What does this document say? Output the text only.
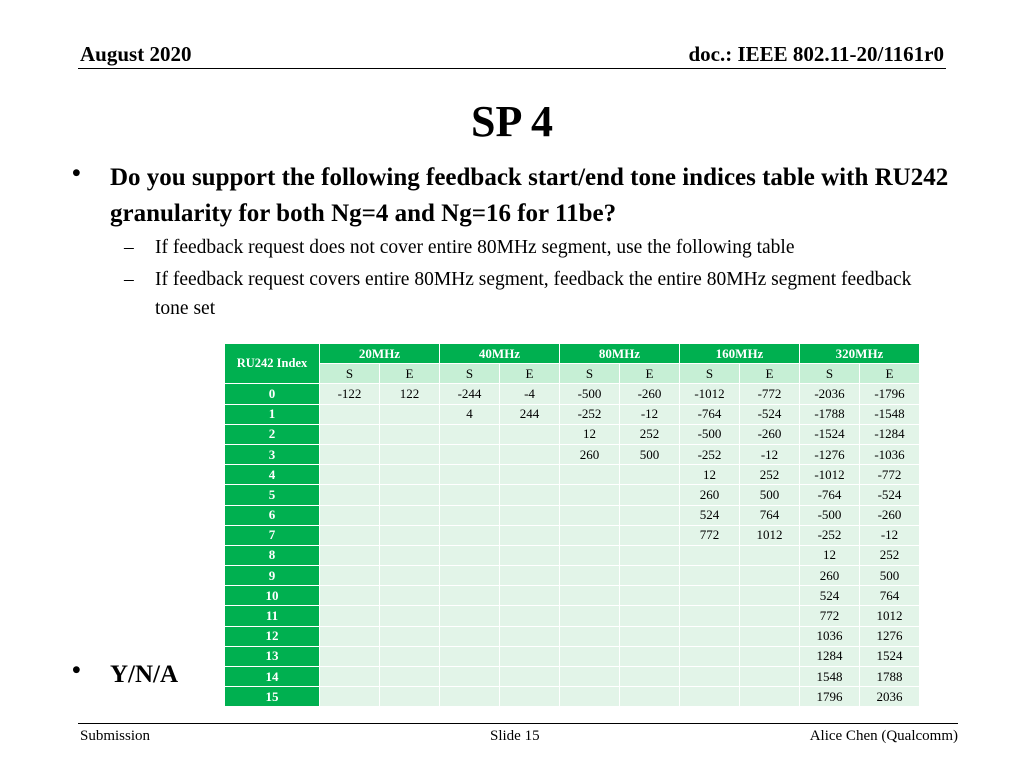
August 2020	doc.: IEEE 802.11-20/1161r0
SP 4
• Do you support the following feedback start/end tone indices table with RU242 granularity for both Ng=4 and Ng=16 for 11be?
– If feedback request does not cover entire 80MHz segment, use the following table
– If feedback request covers entire 80MHz segment, feedback the entire 80MHz segment feedback tone set
RU242 Index	20MHz		40MHz		80MHz		160MHz		320MHz	
	S	E	S	E	S	E	S	E	S	E
0	-122	122	-244	-4	-500	-260	-1012	-772	-2036	-1796
1			4	244	-252	-12	-764	-524	-1788	-1548
2					12	252	-500	-260	-1524	-1284
3					260	500	-252	-12	-1276	-1036
4							12	252	-1012	-772
5							260	500	-764	-524
6							524	764	-500	-260
7							772	1012	-252	-12
8									12	252
9									260	500
10									524	764
11									772	1012
12									1036	1276
13									1284	1524
14									1548	1788
15									1796	2036
• Y/N/A
Submission	Slide 15	Alice Chen (Qualcomm)
